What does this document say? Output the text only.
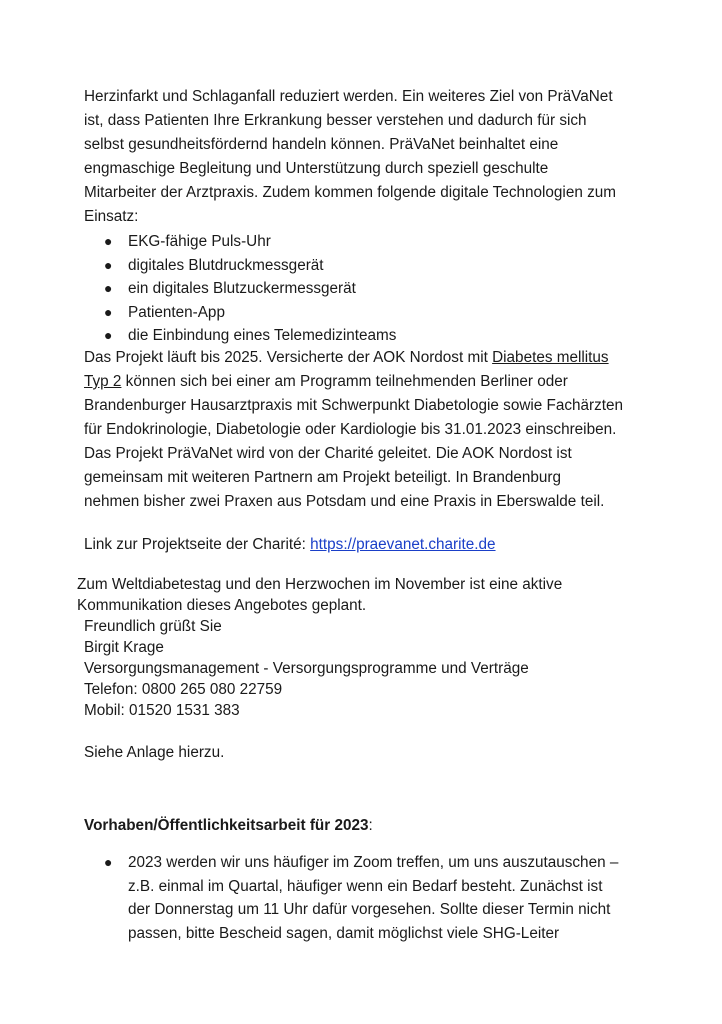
Herzinfarkt und Schlaganfall reduziert werden. Ein weiteres Ziel von PräVaNet
ist, dass Patienten Ihre Erkrankung besser verstehen und dadurch für sich
selbst gesundheitsfördernd handeln können. PräVaNet beinhaltet eine
engmaschige Begleitung und Unterstützung durch speziell geschulte
Mitarbeiter der Arztpraxis. Zudem kommen folgende digitale Technologien zum
Einsatz:
● EKG-fähige Puls-Uhr
● digitales Blutdruckmessgerät
● ein digitales Blutzuckermessgerät
● Patienten-App
● die Einbindung eines Telemedizinteams
Das Projekt läuft bis 2025. Versicherte der AOK Nordost mit Diabetes mellitus
Typ 2 können sich bei einer am Programm teilnehmenden Berliner oder
Brandenburger Hausarztpraxis mit Schwerpunkt Diabetologie sowie Fachärzten
für Endokrinologie, Diabetologie oder Kardiologie bis 31.01.2023 einschreiben.
Das Projekt PräVaNet wird von der Charité geleitet. Die AOK Nordost ist
gemeinsam mit weiteren Partnern am Projekt beteiligt. In Brandenburg
nehmen bisher zwei Praxen aus Potsdam und eine Praxis in Eberswalde teil.
Link zur Projektseite der Charité: https://praevanet.charite.de
Zum Weltdiabetestag und den Herzwochen im November ist eine aktive
Kommunikation dieses Angebotes geplant.
Freundlich grüßt Sie
Birgit Krage
Versorgungsmanagement - Versorgungsprogramme und Verträge
Telefon: 0800 265 080 22759
Mobil: 01520 1531 383
Siehe Anlage hierzu.
Vorhaben/Öffentlichkeitsarbeit für 2023:
● 2023 werden wir uns häufiger im Zoom treffen, um uns auszutauschen –
z.B. einmal im Quartal, häufiger wenn ein Bedarf besteht. Zunächst ist
der Donnerstag um 11 Uhr dafür vorgesehen. Sollte dieser Termin nicht
passen, bitte Bescheid sagen, damit möglichst viele SHG-Leiter
